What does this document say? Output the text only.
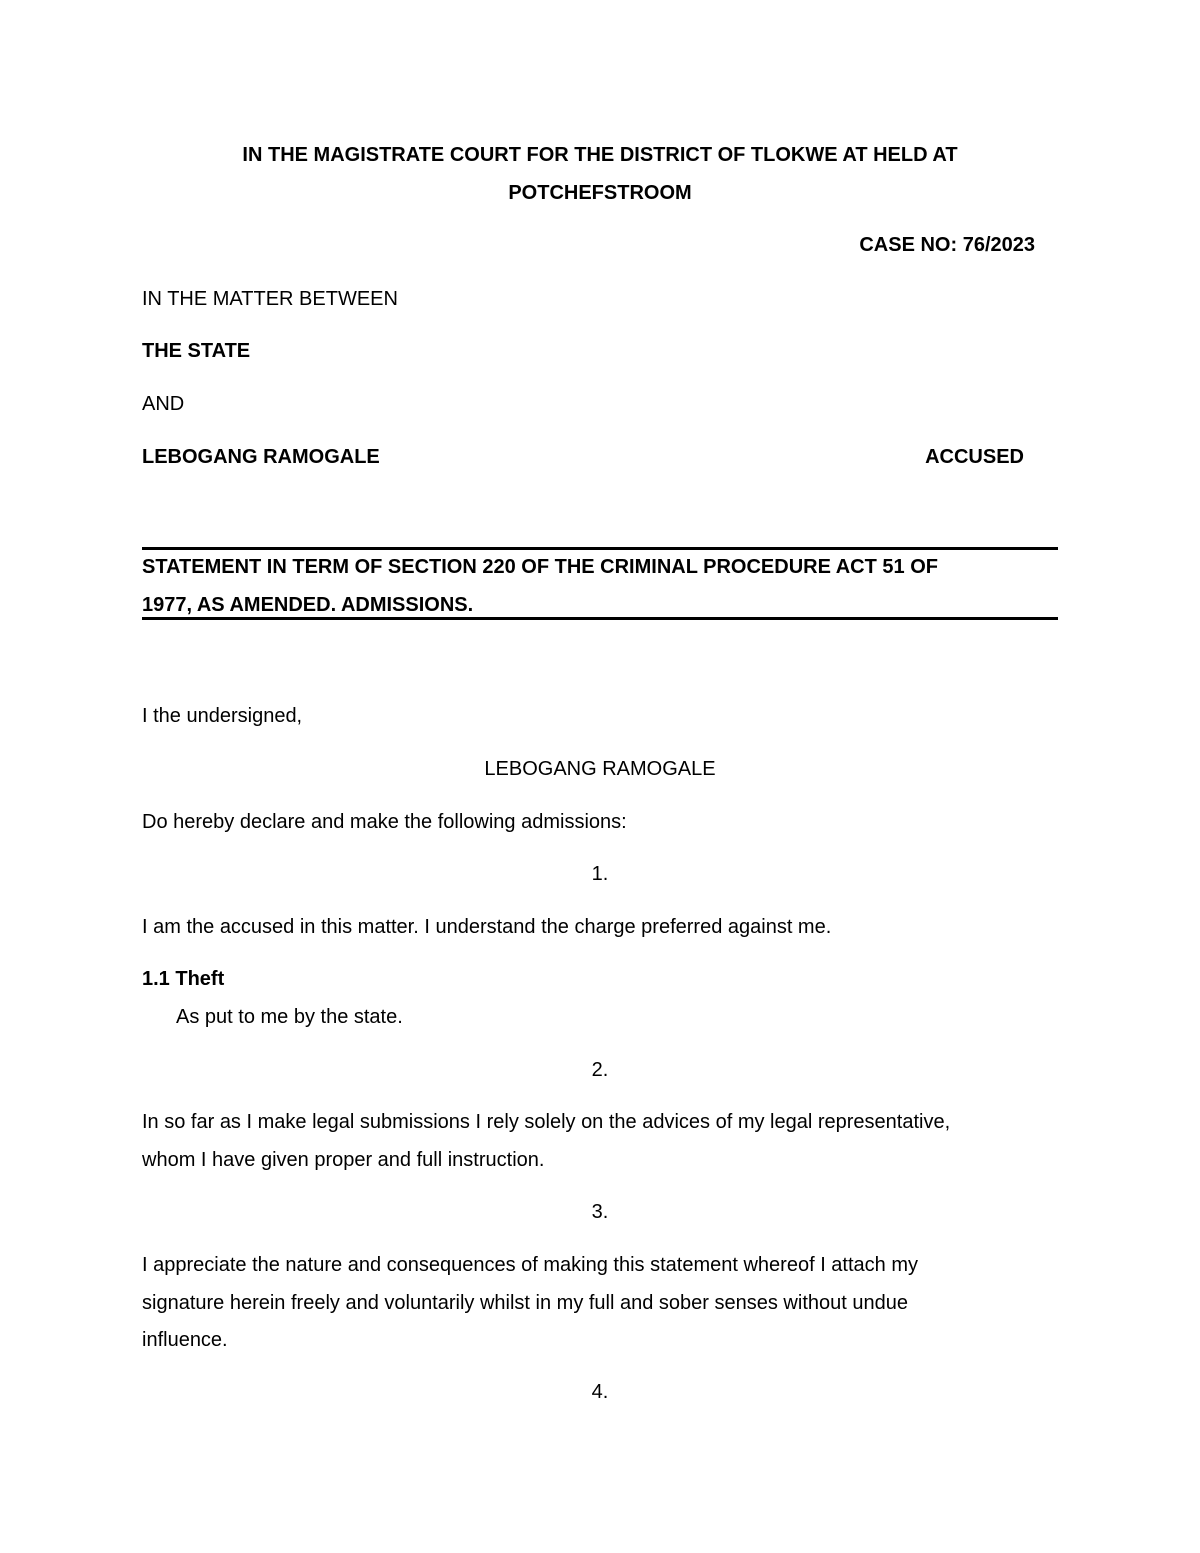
IN THE MAGISTRATE COURT FOR THE DISTRICT OF TLOKWE AT HELD AT
POTCHEFSTROOM
CASE NO: 76/2023
IN THE MATTER BETWEEN
THE STATE
AND
LEBOGANG RAMOGALE	ACCUSED
STATEMENT IN TERM OF SECTION 220 OF THE CRIMINAL PROCEDURE ACT 51 OF
1977, AS AMENDED. ADMISSIONS.
I the undersigned,
LEBOGANG RAMOGALE
Do hereby declare and make the following admissions:
1.
I am the accused in this matter. I understand the charge preferred against me.
1.1 Theft
As put to me by the state.
2.
In so far as I make legal submissions I rely solely on the advices of my legal representative,
whom I have given proper and full instruction.
3.
I appreciate the nature and consequences of making this statement whereof I attach my
signature herein freely and voluntarily whilst in my full and sober senses without undue
influence.
4.
